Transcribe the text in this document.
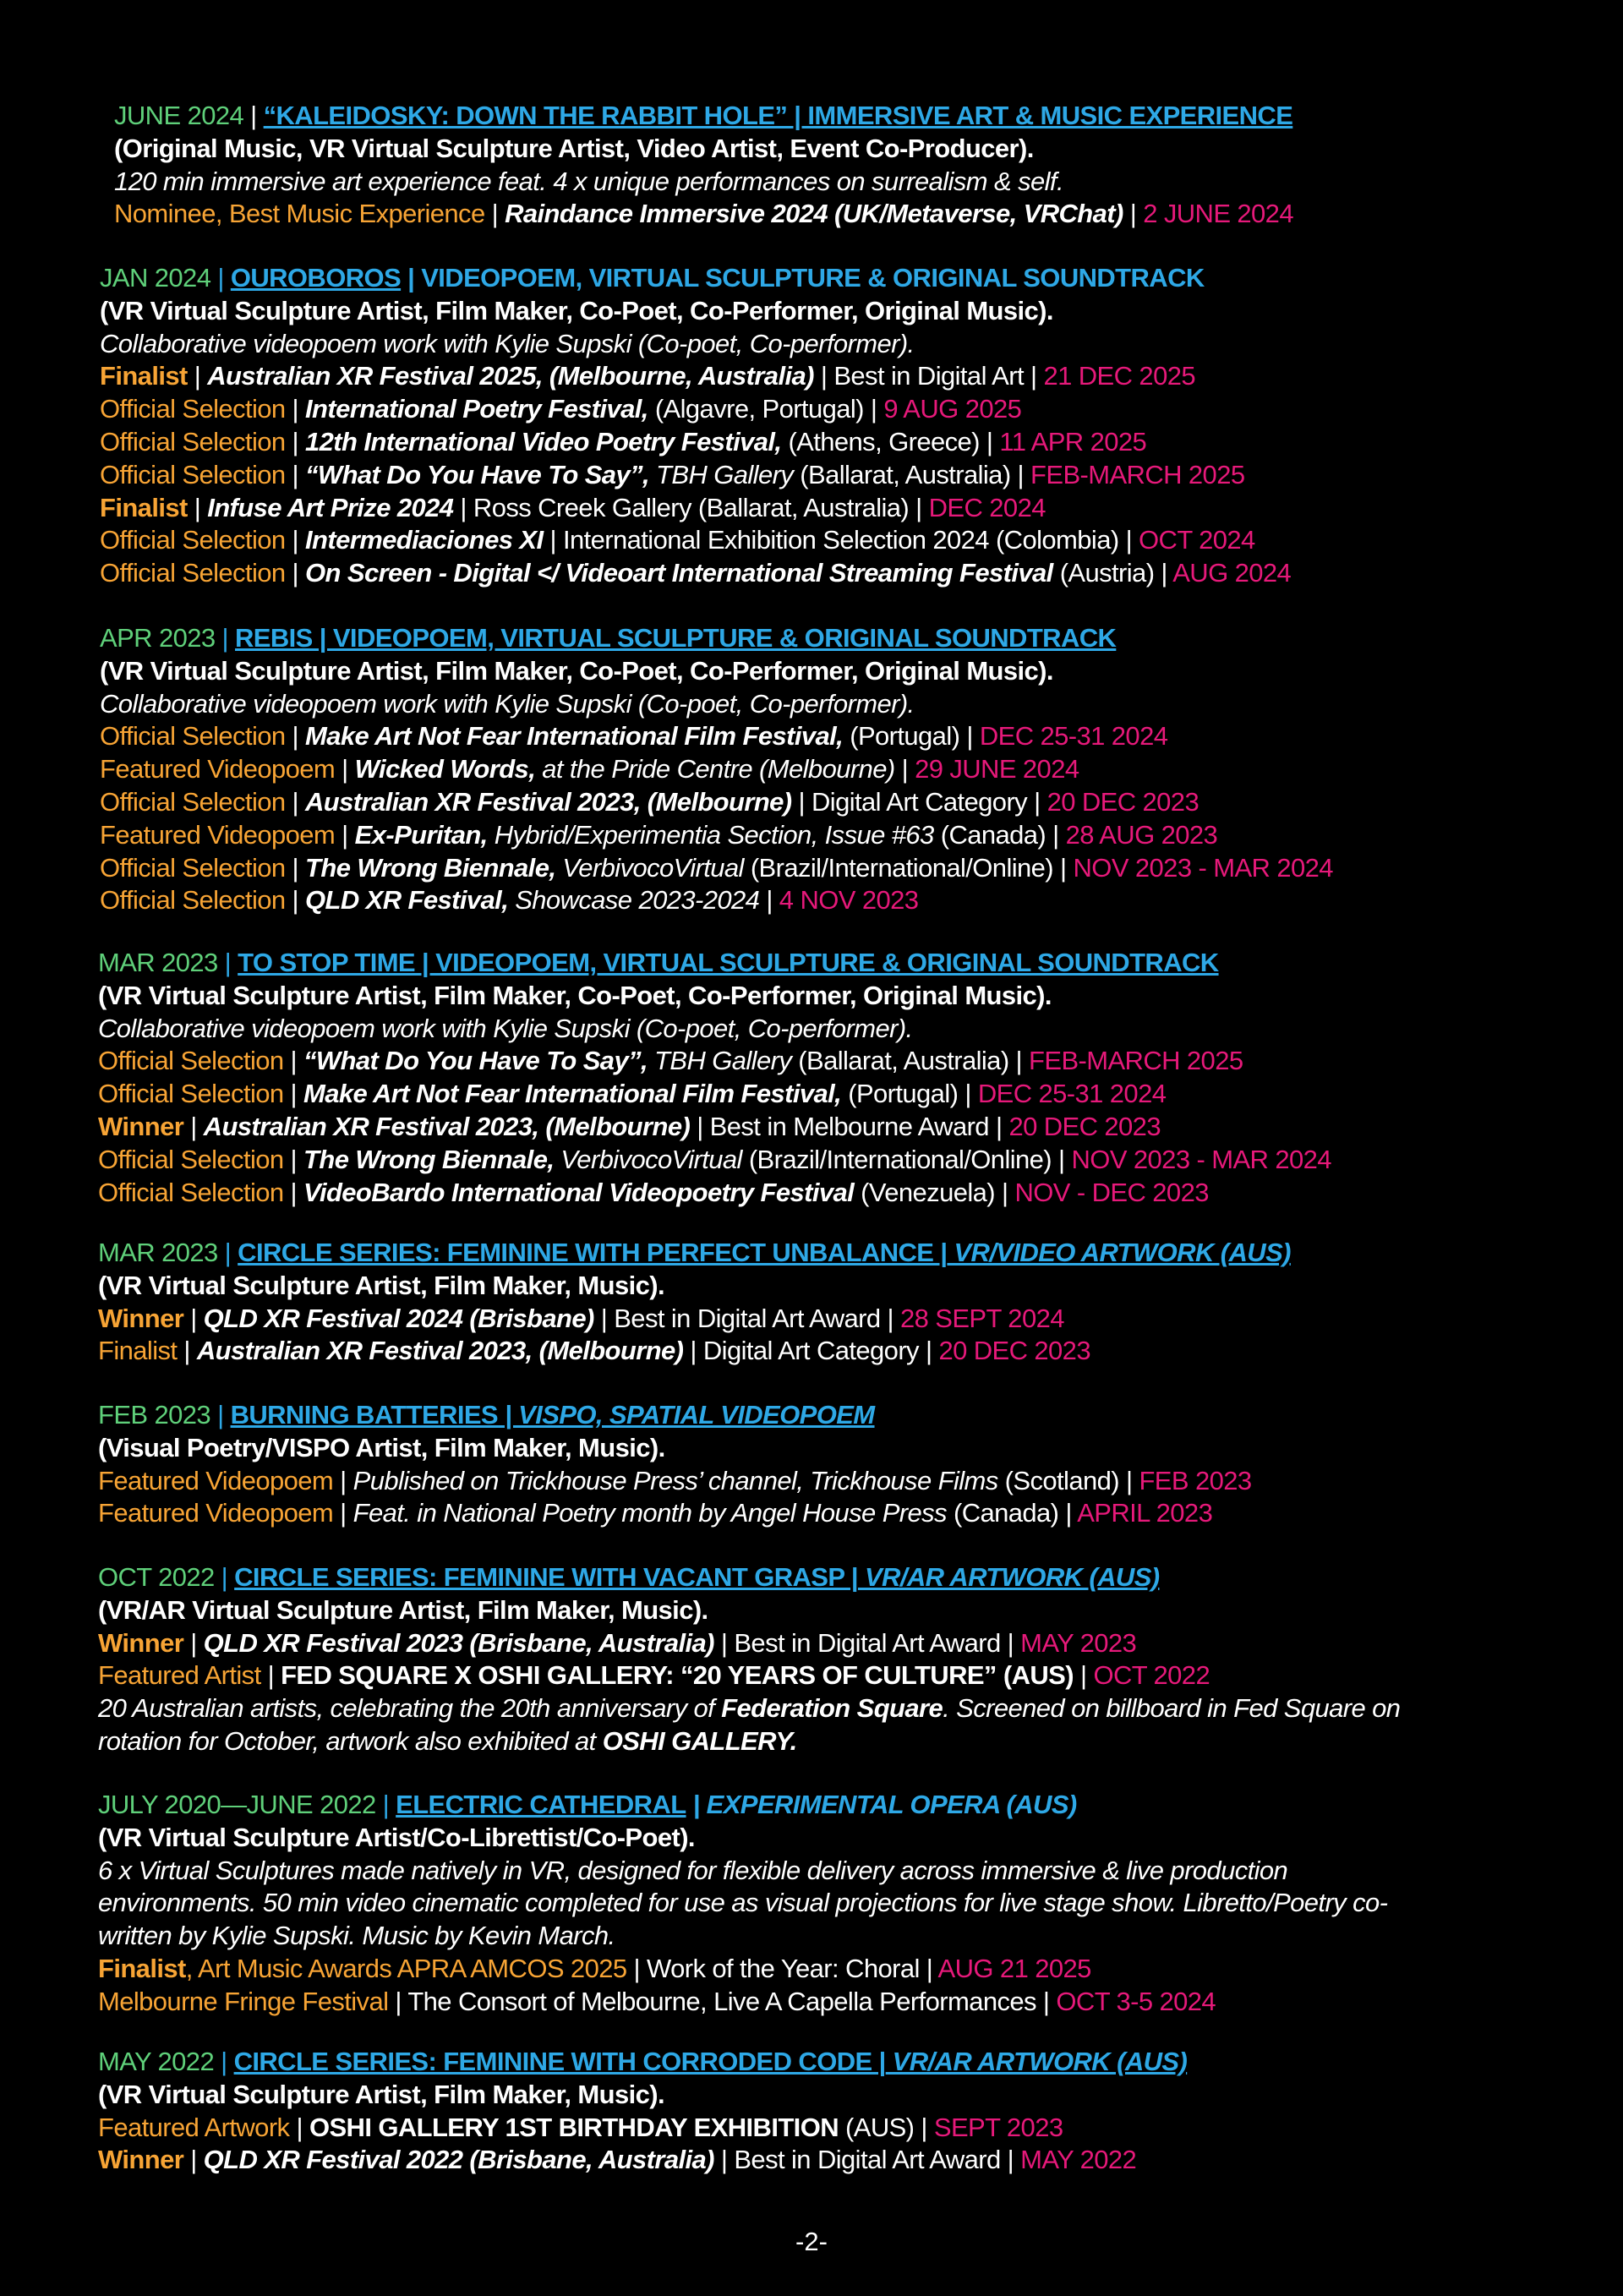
JUNE 2024 | “KALEIDOSKY: DOWN THE RABBIT HOLE” | IMMERSIVE ART & MUSIC EXPERIENCE
(Original Music, VR Virtual Sculpture Artist, Video Artist, Event Co-Producer).
120 min immersive art experience feat. 4 x unique performances on surrealism & self.
Nominee, Best Music Experience | Raindance Immersive 2024 (UK/Metaverse, VRChat) | 2 JUNE 2024
JAN 2024 | OUROBOROS | VIDEOPOEM, VIRTUAL SCULPTURE & ORIGINAL SOUNDTRACK
(VR Virtual Sculpture Artist, Film Maker, Co-Poet, Co-Performer, Original Music).
Collaborative videopoem work with Kylie Supski (Co-poet, Co-performer).
Finalist | Australian XR Festival 2025, (Melbourne, Australia) | Best in Digital Art | 21 DEC 2025
Official Selection | International Poetry Festival, (Algavre, Portugal) | 9 AUG 2025
Official Selection | 12th International Video Poetry Festival, (Athens, Greece) | 11 APR 2025
Official Selection | “What Do You Have To Say”, TBH Gallery (Ballarat, Australia) | FEB-MARCH 2025
Finalist | Infuse Art Prize 2024 | Ross Creek Gallery (Ballarat, Australia) | DEC 2024
Official Selection | Intermediaciones XI | International Exhibition Selection 2024 (Colombia) | OCT 2024
Official Selection | On Screen - Digital </ Videoart International Streaming Festival (Austria) | AUG 2024
APR 2023 | REBIS | VIDEOPOEM, VIRTUAL SCULPTURE & ORIGINAL SOUNDTRACK
(VR Virtual Sculpture Artist, Film Maker, Co-Poet, Co-Performer, Original Music).
Collaborative videopoem work with Kylie Supski (Co-poet, Co-performer).
Official Selection | Make Art Not Fear International Film Festival, (Portugal) | DEC 25-31 2024
Featured Videopoem | Wicked Words, at the Pride Centre (Melbourne) | 29 JUNE 2024
Official Selection | Australian XR Festival 2023, (Melbourne) | Digital Art Category | 20 DEC 2023
Featured Videopoem | Ex-Puritan, Hybrid/Experimentia Section, Issue #63 (Canada) | 28 AUG 2023
Official Selection | The Wrong Biennale, VerbivocoVirtual (Brazil/International/Online) | NOV 2023 - MAR 2024
Official Selection | QLD XR Festival, Showcase 2023-2024 | 4 NOV 2023
MAR 2023 | TO STOP TIME | VIDEOPOEM, VIRTUAL SCULPTURE & ORIGINAL SOUNDTRACK
(VR Virtual Sculpture Artist, Film Maker, Co-Poet, Co-Performer, Original Music).
Collaborative videopoem work with Kylie Supski (Co-poet, Co-performer).
Official Selection | “What Do You Have To Say”, TBH Gallery (Ballarat, Australia) | FEB-MARCH 2025
Official Selection | Make Art Not Fear International Film Festival, (Portugal) | DEC 25-31 2024
Winner | Australian XR Festival 2023, (Melbourne) | Best in Melbourne Award | 20 DEC 2023
Official Selection | The Wrong Biennale, VerbivocoVirtual (Brazil/International/Online) | NOV 2023 - MAR 2024
Official Selection | VideoBardo International Videopoetry Festival (Venezuela) | NOV - DEC 2023
MAR 2023 | CIRCLE SERIES: FEMININE WITH PERFECT UNBALANCE | VR/VIDEO ARTWORK (AUS)
(VR Virtual Sculpture Artist, Film Maker, Music).
Winner | QLD XR Festival 2024 (Brisbane) | Best in Digital Art Award | 28 SEPT 2024
Finalist | Australian XR Festival 2023, (Melbourne) | Digital Art Category | 20 DEC 2023
FEB 2023 | BURNING BATTERIES | VISPO, SPATIAL VIDEOPOEM
(Visual Poetry/VISPO Artist, Film Maker, Music).
Featured Videopoem | Published on Trickhouse Press’ channel, Trickhouse Films (Scotland) | FEB 2023
Featured Videopoem | Feat. in National Poetry month by Angel House Press (Canada) | APRIL 2023
OCT 2022 | CIRCLE SERIES: FEMININE WITH VACANT GRASP | VR/AR ARTWORK (AUS)
(VR/AR Virtual Sculpture Artist, Film Maker, Music).
Winner | QLD XR Festival 2023 (Brisbane, Australia) | Best in Digital Art Award | MAY 2023
Featured Artist | FED SQUARE X OSHI GALLERY: “20 YEARS OF CULTURE” (AUS) | OCT 2022
20 Australian artists, celebrating the 20th anniversary of Federation Square. Screened on billboard in Fed Square on
rotation for October, artwork also exhibited at OSHI GALLERY.
JULY 2020—JUNE 2022 | ELECTRIC CATHEDRAL | EXPERIMENTAL OPERA (AUS)
(VR Virtual Sculpture Artist/Co-Librettist/Co-Poet).
6 x Virtual Sculptures made natively in VR, designed for flexible delivery across immersive & live production
environments. 50 min video cinematic completed for use as visual projections for live stage show. Libretto/Poetry co-
written by Kylie Supski. Music by Kevin March.
Finalist, Art Music Awards APRA AMCOS 2025 | Work of the Year: Choral | AUG 21 2025
Melbourne Fringe Festival | The Consort of Melbourne, Live A Capella Performances | OCT 3-5 2024
MAY 2022 | CIRCLE SERIES: FEMININE WITH CORRODED CODE | VR/AR ARTWORK (AUS)
(VR Virtual Sculpture Artist, Film Maker, Music).
Featured Artwork | OSHI GALLERY 1ST BIRTHDAY EXHIBITION (AUS) | SEPT 2023
Winner | QLD XR Festival 2022 (Brisbane, Australia) | Best in Digital Art Award | MAY 2022
-2-
